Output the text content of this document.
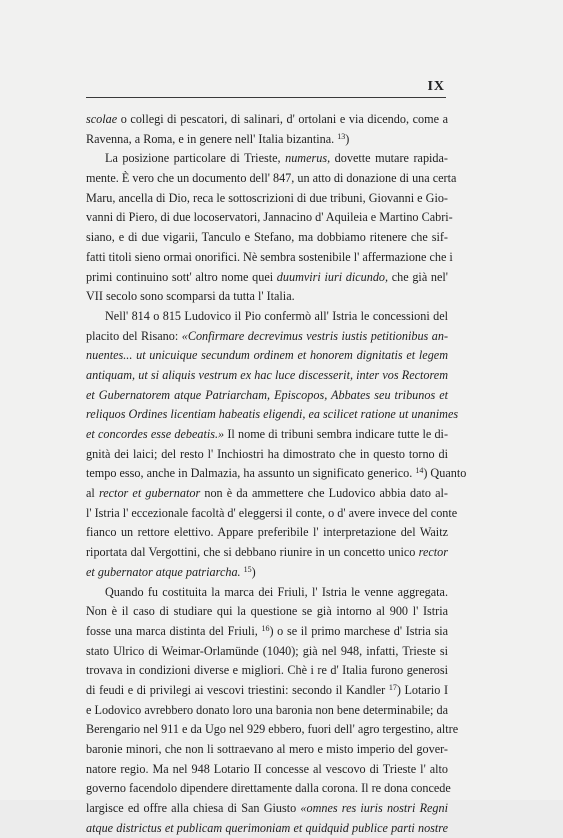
IX
scolae o collegi di pescatori, di salinari, d' ortolani e via dicendo, come a
Ravenna, a Roma, e in genere nell' Italia bizantina. $^{13}$)
La posizione particolare di Trieste, numerus, dovette mutare rapida-
mente. È vero che un documento dell' 847, un atto di donazione di una certa
Maru, ancella di Dio, reca le sottoscrizioni di due tribuni, Giovanni e Gio-
vanni di Piero, di due locoservatori, Jannacino d' Aquileia e Martino Cabri-
siano, e di due vigarii, Tanculo e Stefano, ma dobbiamo ritenere che sif-
fatti titoli sieno ormai onorifici. Nè sembra sostenibile l' affermazione che i
primi continuino sott' altro nome quei duumviri iuri dicundo, che già nel'
VII secolo sono scomparsi da tutta l' Italia.
Nell' 814 o 815 Ludovico il Pio confermò all' Istria le concessioni del
placito del Risano: «Confirmare decrevimus vestris iustis petitionibus an-
nuentes... ut unicuique secundum ordinem et honorem dignitatis et legem
antiquam, ut si aliquis vestrum ex hac luce discesserit, inter vos Rectorem
et Gubernatorem atque Patriarcham, Episcopos, Abbates seu tribunos et
reliquos Ordines licentiam habeatis eligendi, ea scilicet ratione ut unanimes
et concordes esse debeatis.» Il nome di tribuni sembra indicare tutte le di-
gnità dei laici; del resto l' Inchiostri ha dimostrato che in questo torno di
tempo esso, anche in Dalmazia, ha assunto un significato generico. $^{14}$) Quanto
al rector et gubernator non è da ammettere che Ludovico abbia dato al-
l' Istria l' eccezionale facoltà d' eleggersi il conte, o d' avere invece del conte
fianco un rettore elettivo. Appare preferibile l' interpretazione del Waitz
riportata dal Vergottini, che si debbano riunire in un concetto unico rector
et gubernator atque patriarcha. $^{15}$)
Quando fu costituita la marca dei Friuli, l' Istria le venne aggregata.
Non è il caso di studiare qui la questione se già intorno al 900 l' Istria
fosse una marca distinta del Friuli, $^{16}$) o se il primo marchese d' Istria sia
stato Ulrico di Weimar-Orlamünde (1040); già nel 948, infatti, Trieste si
trovava in condizioni diverse e migliori. Chè i re d' Italia furono generosi
di feudi e di privilegi ai vescovi triestini: secondo il Kandler $^{17}$) Lotario I
e Lodovico avrebbero donato loro una baronia non bene determinabile; da
Berengario nel 911 e da Ugo nel 929 ebbero, fuori dell' agro tergestino, altre
baronie minori, che non li sottraevano al mero e misto imperio del gover-
natore regio. Ma nel 948 Lotario II concesse al vescovo di Trieste l' alto
governo facendolo dipendere direttamente dalla corona. Il re dona concede
largisce ed offre alla chiesa di San Giusto «omnes res iuris nostri Regni
atque districtus et publicam querimoniam et quidquid publice parti nostre
